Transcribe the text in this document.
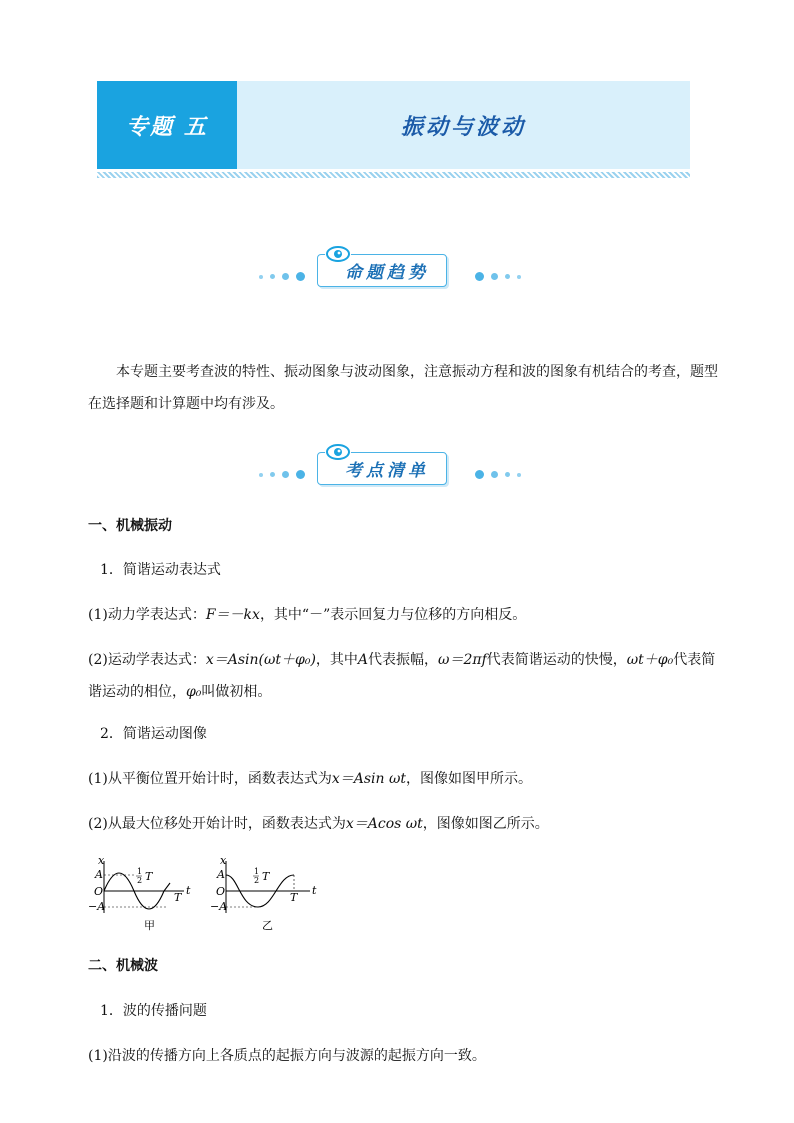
专题 五	振动与波动
命题趋势
本专题主要考查波的特性、振动图象与波动图象，注意振动方程和波的图象有机结合的考查，题型在选择题和计算题中均有涉及。
考点清单
一、机械振动
1．简谐运动表达式
(1)动力学表达式：F＝－kx，其中“－”表示回复力与位移的方向相反。
(2)运动学表达式：x＝Asin(ωt＋φ₀)，其中A代表振幅，ω＝2πf代表简谐运动的快慢，ωt＋φ₀代表简谐运动的相位，φ₀叫做初相。
2．简谐运动图像
(1)从平衡位置开始计时，函数表达式为x＝Asin ωt，图像如图甲所示。
(2)从最大位移处开始计时，函数表达式为x＝Acos ωt，图像如图乙所示。
x
A
O
−A
1
2 T
T
t
甲
x
A
O
−A
1
2 T
T
t
乙
二、机械波
1．波的传播问题
(1)沿波的传播方向上各质点的起振方向与波源的起振方向一致。
